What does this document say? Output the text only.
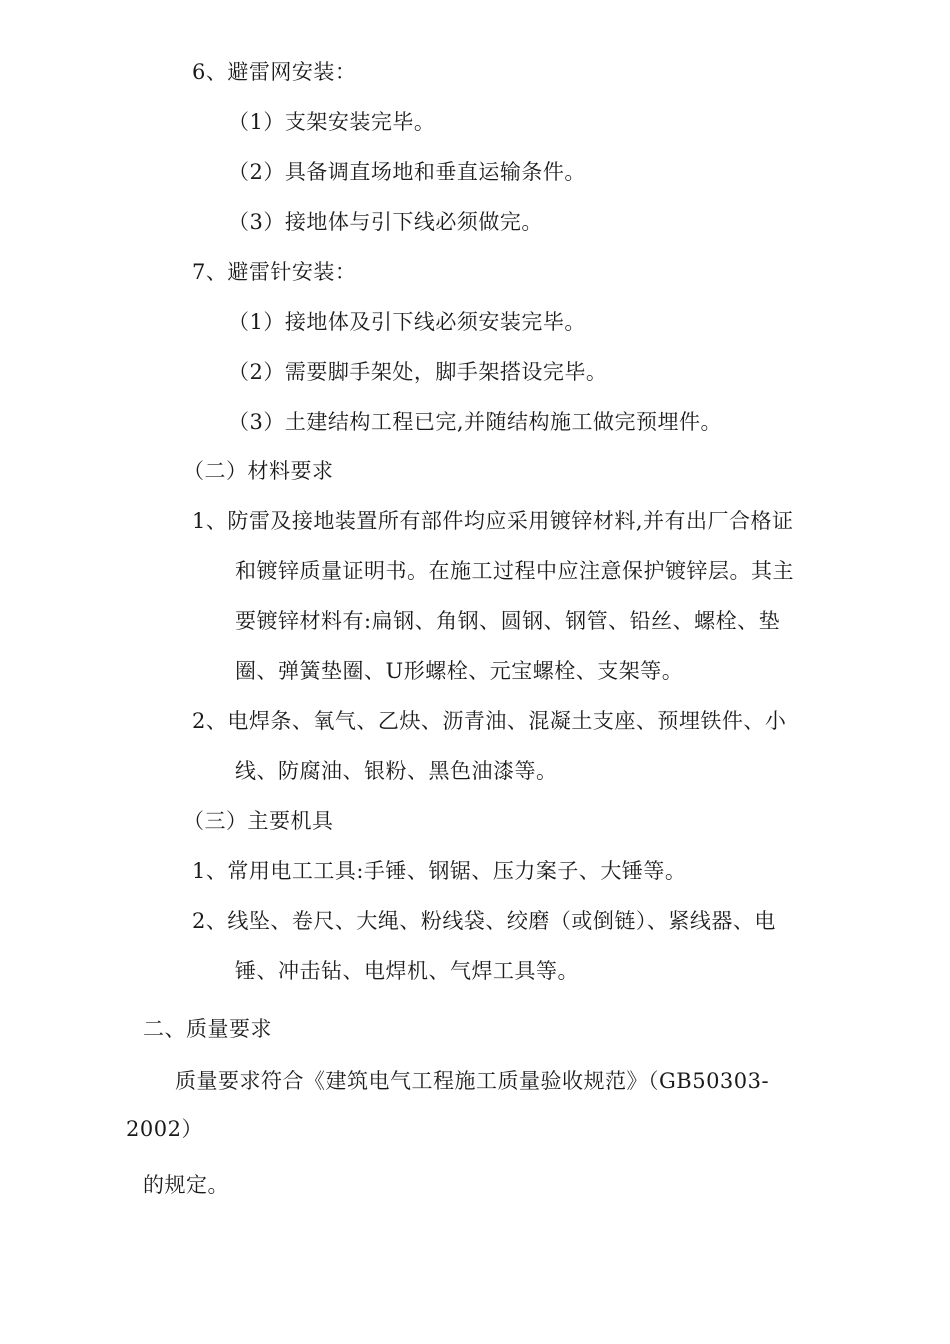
6、避雷网安装：
（1）支架安装完毕。
（2）具备调直场地和垂直运输条件。
（3）接地体与引下线必须做完。
7、避雷针安装：
（1）接地体及引下线必须安装完毕。
（2）需要脚手架处，脚手架搭设完毕。
（3）土建结构工程已完,并随结构施工做完预埋件。
（二）材料要求
1、防雷及接地装置所有部件均应采用镀锌材料,并有出厂合格证
和镀锌质量证明书。在施工过程中应注意保护镀锌层。其主
要镀锌材料有:扁钢、角钢、圆钢、钢管、铅丝、螺栓、垫
圈、弹簧垫圈、U形螺栓、元宝螺栓、支架等。
2、电焊条、氧气、乙炔、沥青油、混凝土支座、预埋铁件、小
线、防腐油、银粉、黑色油漆等。
（三）主要机具
1、常用电工工具:手锤、钢锯、压力案子、大锤等。
2、线坠、卷尺、大绳、粉线袋、绞磨（或倒链）、紧线器、电
锤、冲击钻、电焊机、气焊工具等。
二、质量要求
质量要求符合《建筑电气工程施工质量验收规范》（GB50303-
2002）
的规定。
